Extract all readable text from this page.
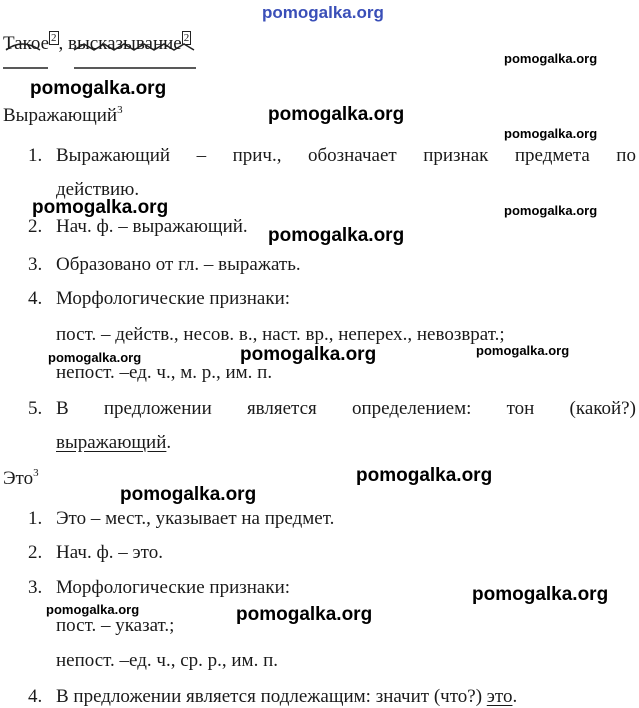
pomogalka.org
pomogalka.org
pomogalka.org
pomogalka.org
pomogalka.org
pomogalka.org	pomogalka.org
pomogalka.org
pomogalka.org	pomogalka.org
pomogalka.org
pomogalka.org
pomogalka.org
pomogalka.org
pomogalka.org
pomogalka.org
Такое $^2$ , высказывание $^2$
Выражающий$^3$
1. Выражающий – прич., обозначает признак предмета по
действию.
2. Нач. ф. – выражающий.
3. Образовано от гл. – выражать.
4. Морфологические признаки:
пост. – действ., несов. в., наст. вр., неперех., невозврат.;
непост. –ед. ч., м. р., им. п.
5. В предложении является определением: тон (какой?)
выражающий.
Это$^3$
1. Это – мест., указывает на предмет.
2. Нач. ф. – это.
3. Морфологические признаки:
пост. – указат.;
непост. –ед. ч., ср. р., им. п.
4. В предложении является подлежащим: значит (что?) это.
